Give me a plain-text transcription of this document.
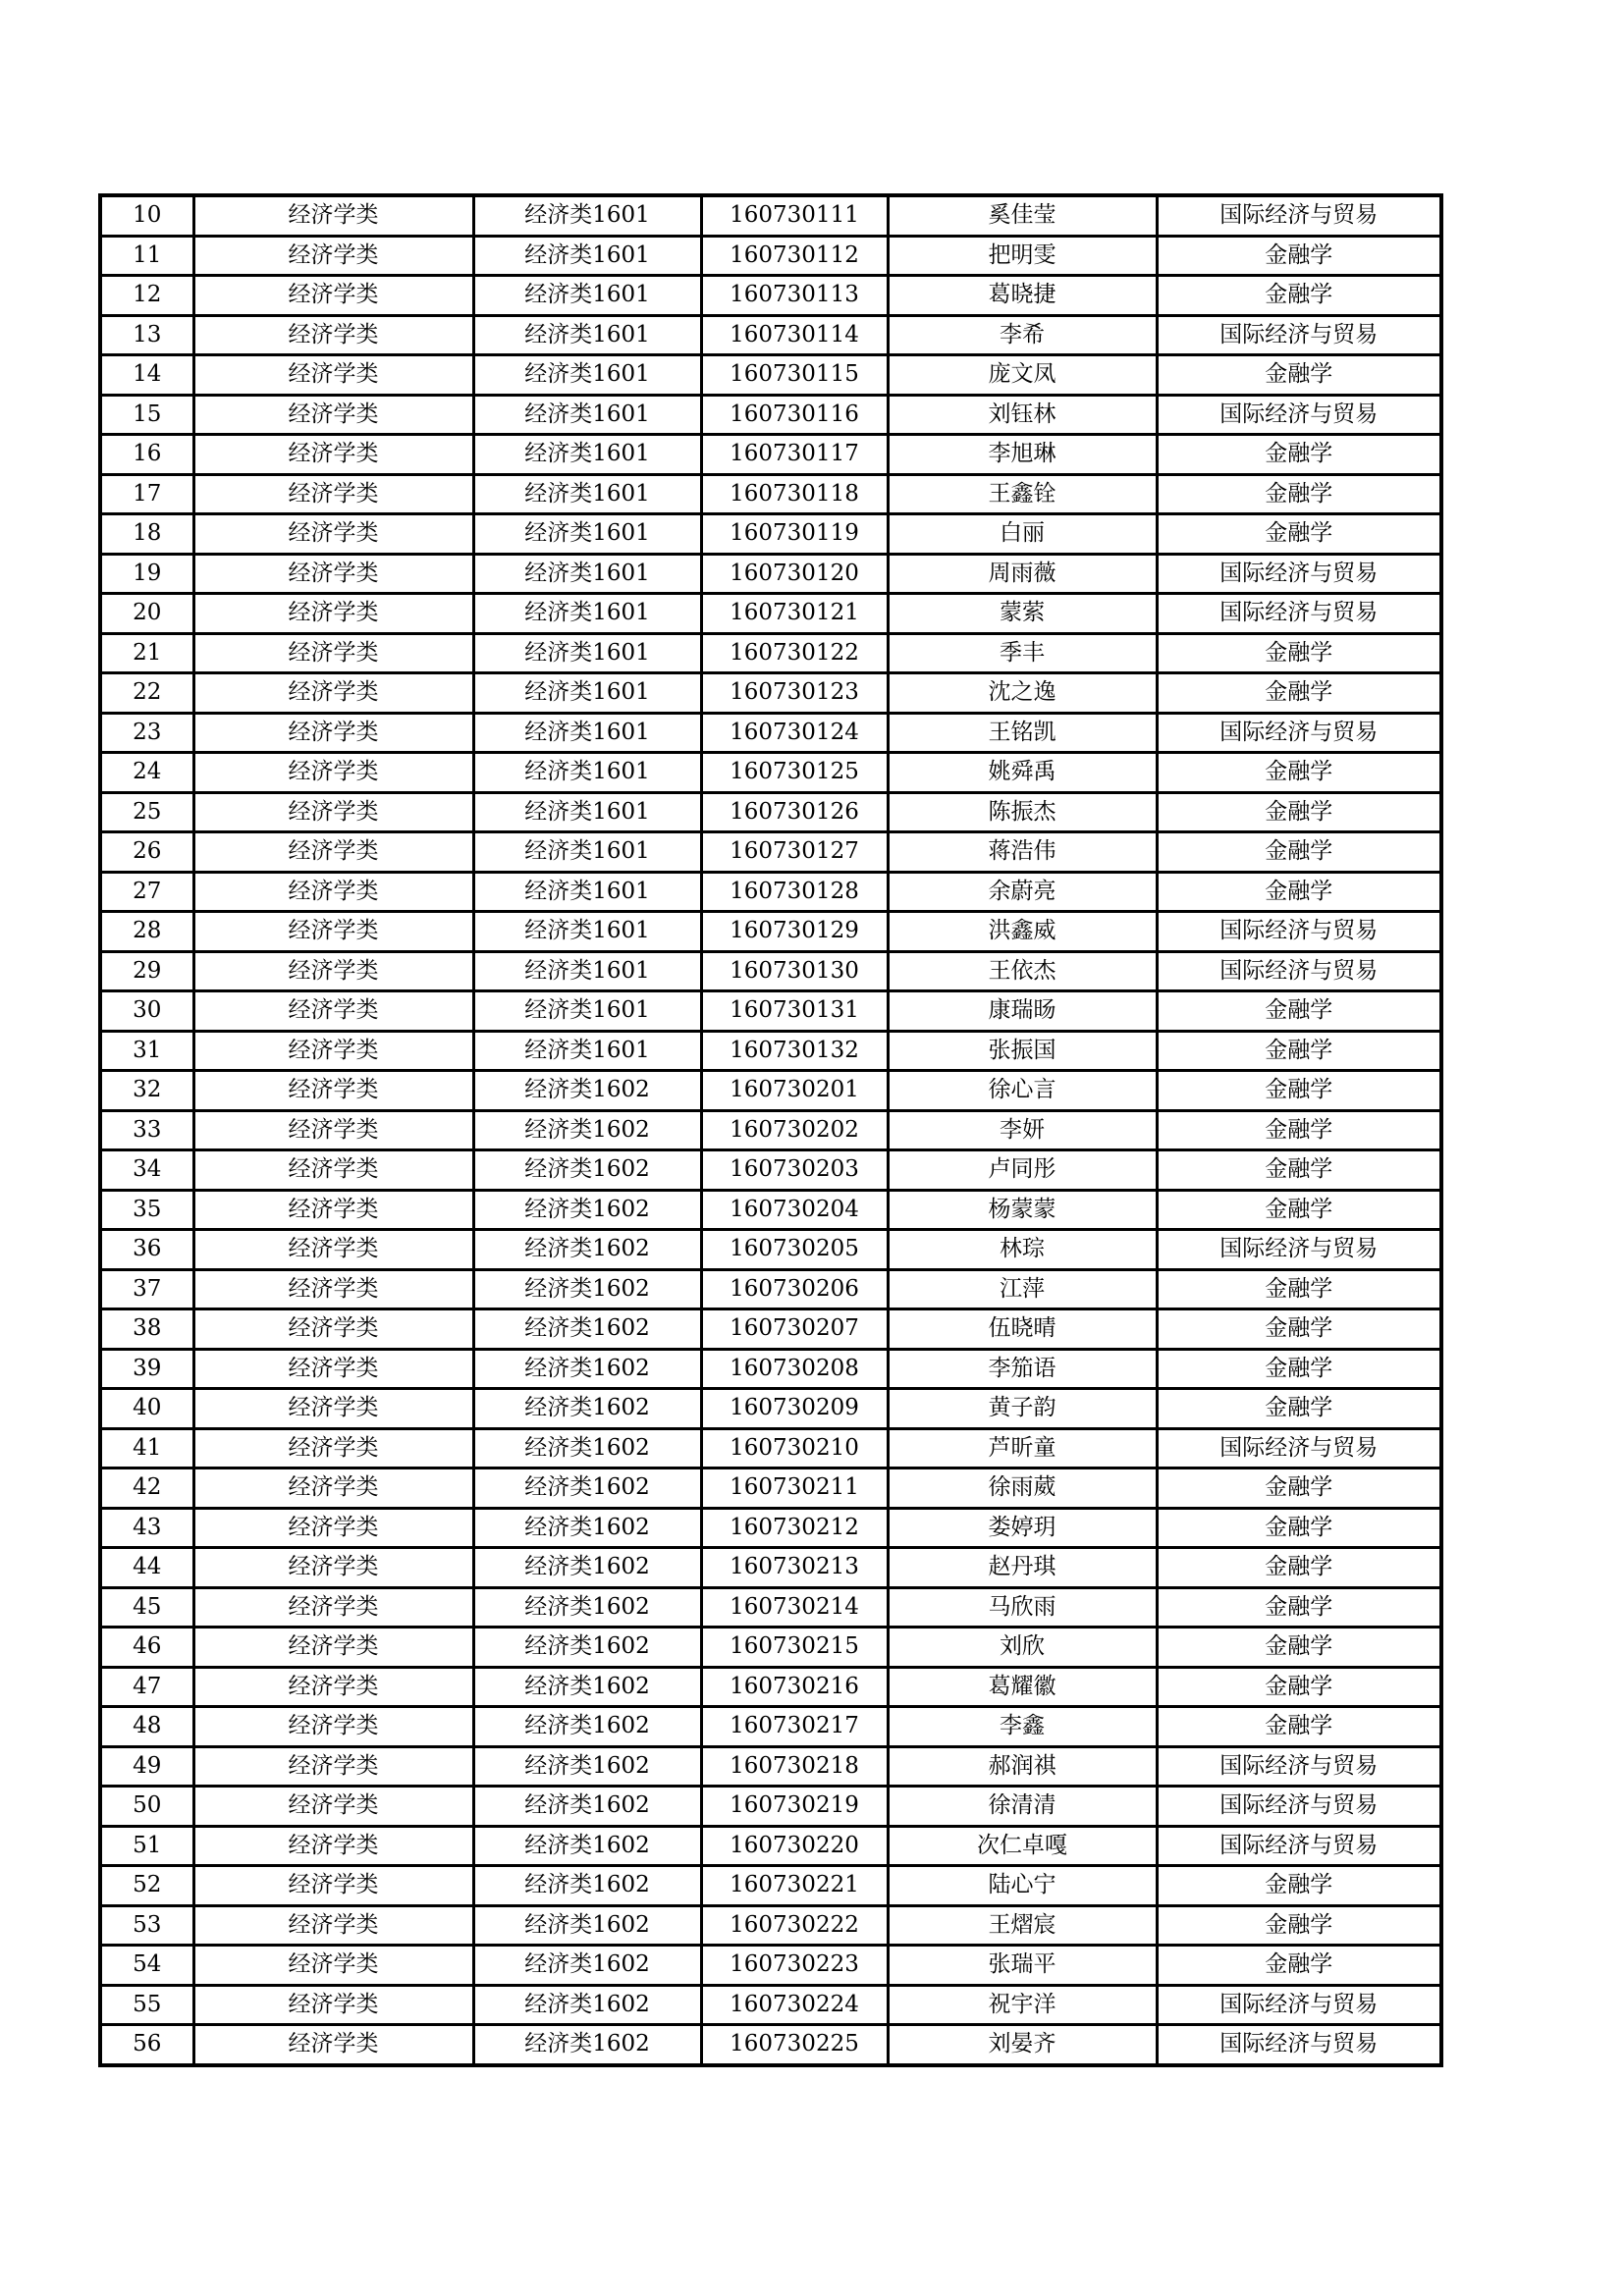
10	经济学类	经济类1601	160730111	奚佳莹	国际经济与贸易
11	经济学类	经济类1601	160730112	把明雯	金融学
12	经济学类	经济类1601	160730113	葛晓捷	金融学
13	经济学类	经济类1601	160730114	李希	国际经济与贸易
14	经济学类	经济类1601	160730115	庞文凤	金融学
15	经济学类	经济类1601	160730116	刘钰林	国际经济与贸易
16	经济学类	经济类1601	160730117	李旭琳	金融学
17	经济学类	经济类1601	160730118	王鑫铨	金融学
18	经济学类	经济类1601	160730119	白丽	金融学
19	经济学类	经济类1601	160730120	周雨薇	国际经济与贸易
20	经济学类	经济类1601	160730121	蒙萦	国际经济与贸易
21	经济学类	经济类1601	160730122	季丰	金融学
22	经济学类	经济类1601	160730123	沈之逸	金融学
23	经济学类	经济类1601	160730124	王铭凯	国际经济与贸易
24	经济学类	经济类1601	160730125	姚舜禹	金融学
25	经济学类	经济类1601	160730126	陈振杰	金融学
26	经济学类	经济类1601	160730127	蒋浩伟	金融学
27	经济学类	经济类1601	160730128	余蔚亮	金融学
28	经济学类	经济类1601	160730129	洪鑫威	国际经济与贸易
29	经济学类	经济类1601	160730130	王依杰	国际经济与贸易
30	经济学类	经济类1601	160730131	康瑞旸	金融学
31	经济学类	经济类1601	160730132	张振国	金融学
32	经济学类	经济类1602	160730201	徐心言	金融学
33	经济学类	经济类1602	160730202	李妍	金融学
34	经济学类	经济类1602	160730203	卢同彤	金融学
35	经济学类	经济类1602	160730204	杨蒙蒙	金融学
36	经济学类	经济类1602	160730205	林琮	国际经济与贸易
37	经济学类	经济类1602	160730206	江萍	金融学
38	经济学类	经济类1602	160730207	伍晓晴	金融学
39	经济学类	经济类1602	160730208	李笳语	金融学
40	经济学类	经济类1602	160730209	黄子韵	金融学
41	经济学类	经济类1602	160730210	芦昕童	国际经济与贸易
42	经济学类	经济类1602	160730211	徐雨葳	金融学
43	经济学类	经济类1602	160730212	娄婷玥	金融学
44	经济学类	经济类1602	160730213	赵丹琪	金融学
45	经济学类	经济类1602	160730214	马欣雨	金融学
46	经济学类	经济类1602	160730215	刘欣	金融学
47	经济学类	经济类1602	160730216	葛耀徽	金融学
48	经济学类	经济类1602	160730217	李鑫	金融学
49	经济学类	经济类1602	160730218	郝润祺	国际经济与贸易
50	经济学类	经济类1602	160730219	徐清清	国际经济与贸易
51	经济学类	经济类1602	160730220	次仁卓嘎	国际经济与贸易
52	经济学类	经济类1602	160730221	陆心宁	金融学
53	经济学类	经济类1602	160730222	王熠宸	金融学
54	经济学类	经济类1602	160730223	张瑞平	金融学
55	经济学类	经济类1602	160730224	祝宇洋	国际经济与贸易
56	经济学类	经济类1602	160730225	刘晏齐	国际经济与贸易
